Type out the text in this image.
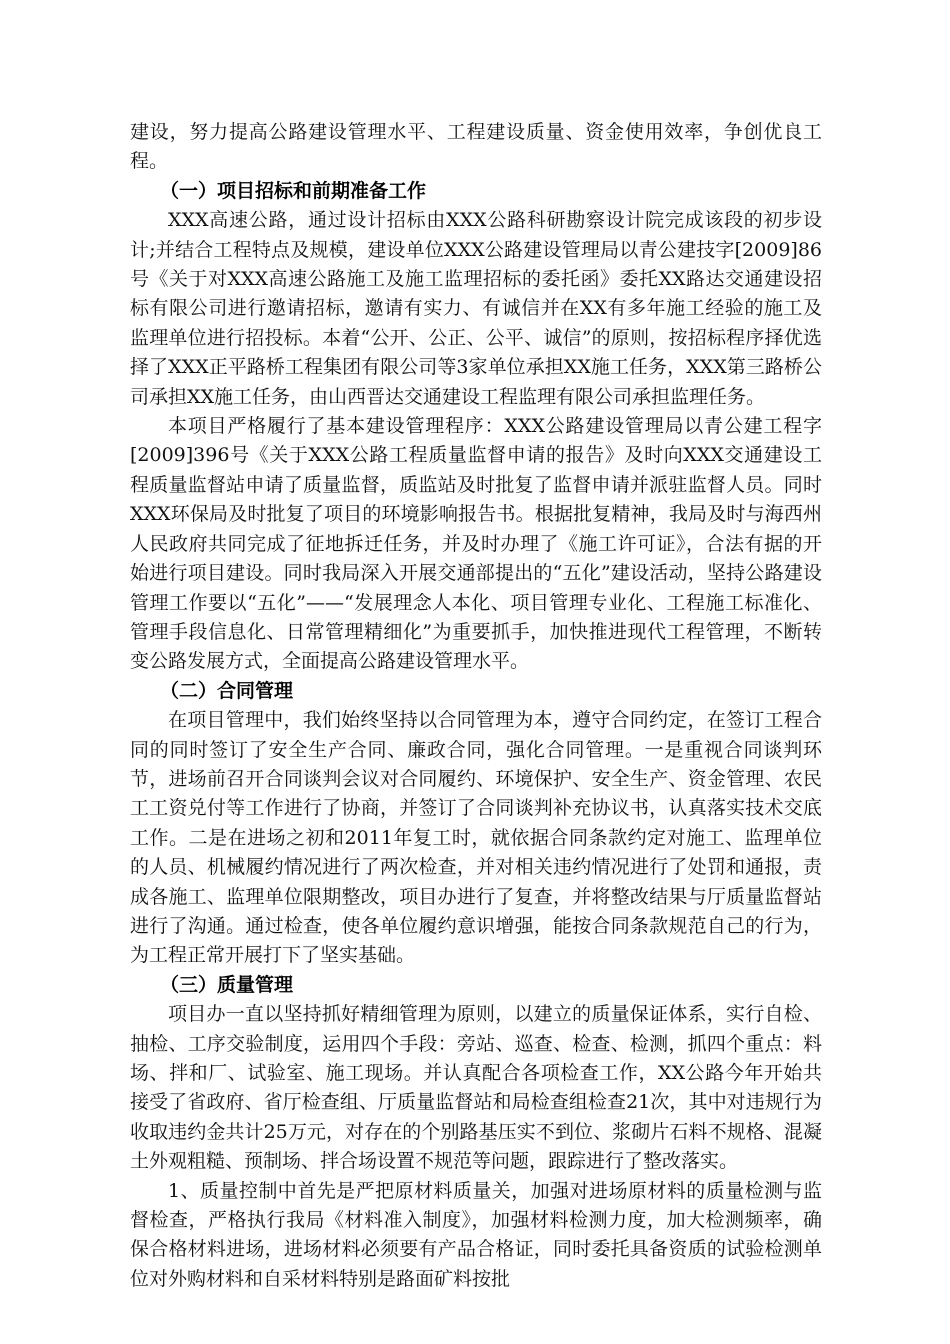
建设，努力提高公路建设管理水平、工程建设质量、资金使用效率，争创优良工程。

（一）项目招标和前期准备工作

XXX高速公路，通过设计招标由XXX公路科研勘察设计院完成该段的初步设计;并结合工程特点及规模，建设单位XXX公路建设管理局以青公建技字[2009]86号《关于对XXX高速公路施工及施工监理招标的委托函》委托XX路达交通建设招标有限公司进行邀请招标，邀请有实力、有诚信并在XX有多年施工经验的施工及监理单位进行招投标。本着“公开、公正、公平、诚信”的原则，按招标程序择优选择了XXX正平路桥工程集团有限公司等3家单位承担XX施工任务，XXX第三路桥公司承担XX施工任务，由山西晋达交通建设工程监理有限公司承担监理任务。

本项目严格履行了基本建设管理程序：XXX公路建设管理局以青公建工程字[2009]396号《关于XXX公路工程质量监督申请的报告》及时向XXX交通建设工程质量监督站申请了质量监督，质监站及时批复了监督申请并派驻监督人员。同时XXX环保局及时批复了项目的环境影响报告书。根据批复精神，我局及时与海西州人民政府共同完成了征地拆迁任务，并及时办理了《施工许可证》，合法有据的开始进行项目建设。同时我局深入开展交通部提出的“五化”建设活动，坚持公路建设管理工作要以“五化”——“发展理念人本化、项目管理专业化、工程施工标准化、管理手段信息化、日常管理精细化”为重要抓手，加快推进现代工程管理，不断转变公路发展方式，全面提高公路建设管理水平。

（二）合同管理

在项目管理中，我们始终坚持以合同管理为本，遵守合同约定，在签订工程合同的同时签订了安全生产合同、廉政合同，强化合同管理。一是重视合同谈判环节，进场前召开合同谈判会议对合同履约、环境保护、安全生产、资金管理、农民工工资兑付等工作进行了协商，并签订了合同谈判补充协议书，认真落实技术交底工作。二是在进场之初和2011年复工时，就依据合同条款约定对施工、监理单位的人员、机械履约情况进行了两次检查，并对相关违约情况进行了处罚和通报，责成各施工、监理单位限期整改，项目办进行了复查，并将整改结果与厅质量监督站进行了沟通。通过检查，使各单位履约意识增强，能按合同条款规范自己的行为，为工程正常开展打下了坚实基础。

（三）质量管理

项目办一直以坚持抓好精细管理为原则，以建立的质量保证体系，实行自检、抽检、工序交验制度，运用四个手段：旁站、巡查、检查、检测，抓四个重点：料场、拌和厂、试验室、施工现场。并认真配合各项检查工作，XX公路今年开始共接受了省政府、省厅检查组、厅质量监督站和局检查组检查21次，其中对违规行为收取违约金共计25万元，对存在的个别路基压实不到位、浆砌片石料不规格、混凝土外观粗糙、预制场、拌合场设置不规范等问题，跟踪进行了整改落实。

1、质量控制中首先是严把原材料质量关，加强对进场原材料的质量检测与监督检查，严格执行我局《材料准入制度》，加强材料检测力度，加大检测频率，确保合格材料进场，进场材料必须要有产品合格证，同时委托具备资质的试验检测单位对外购材料和自采材料特别是路面矿料按批
